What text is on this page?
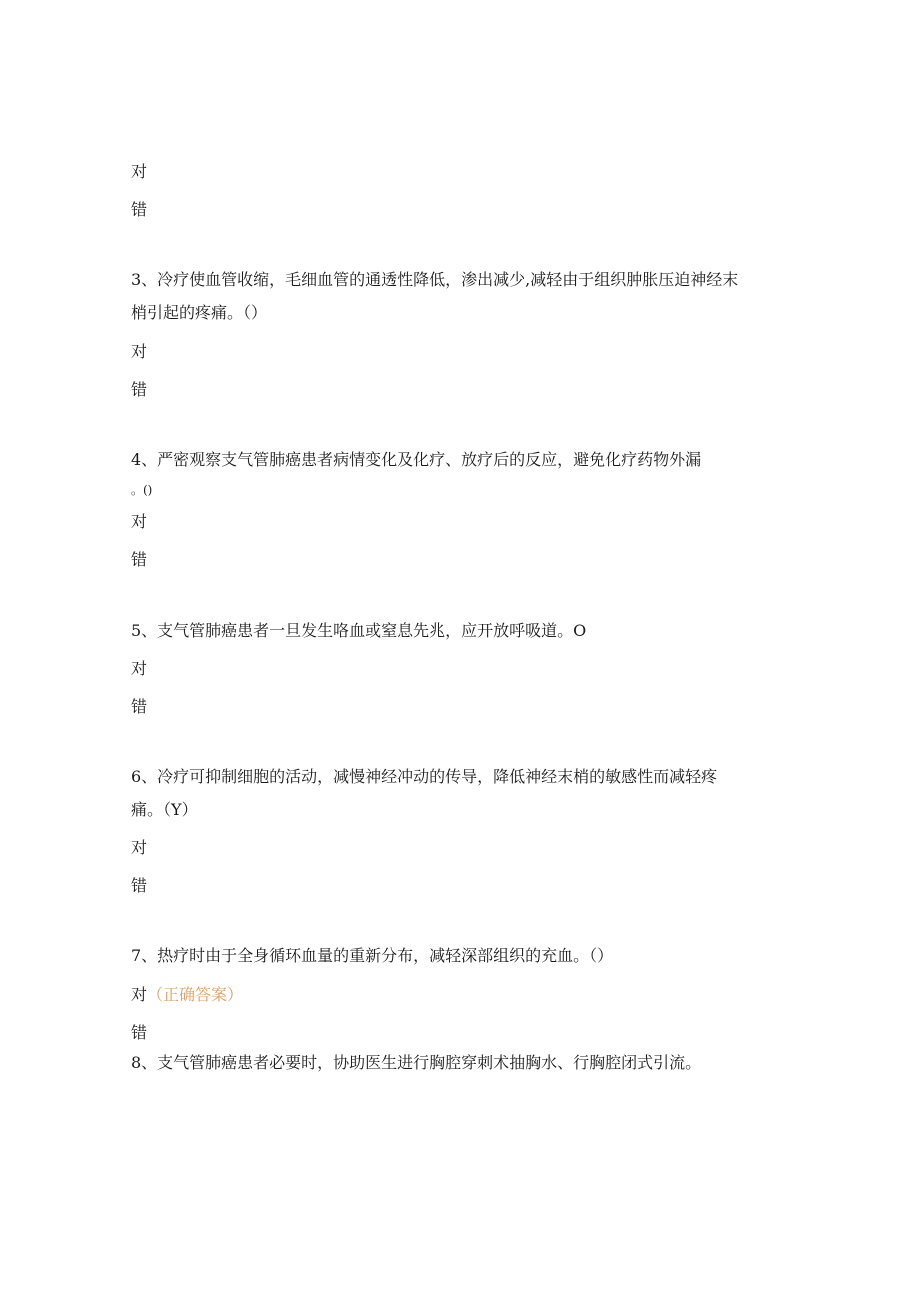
对

错

3、冷疗使血管收缩，毛细血管的通透性降低，渗出减少,减轻由于组织肿胀压迫神经末

梢引起的疼痛。（）

对

错

4、严密观察支气管肺癌患者病情变化及化疗、放疗后的反应，避免化疗药物外漏

。()

对

错

5、支气管肺癌患者一旦发生咯血或窒息先兆，应开放呼吸道。O

对

错

6、冷疗可抑制细胞的活动，减慢神经冲动的传导，降低神经末梢的敏感性而减轻疼

痛。（Y）

对

错

7、热疗时由于全身循环血量的重新分布，减轻深部组织的充血。（）

对（正确答案）

错

8、支气管肺癌患者必要时，协助医生进行胸腔穿刺术抽胸水、行胸腔闭式引流。
